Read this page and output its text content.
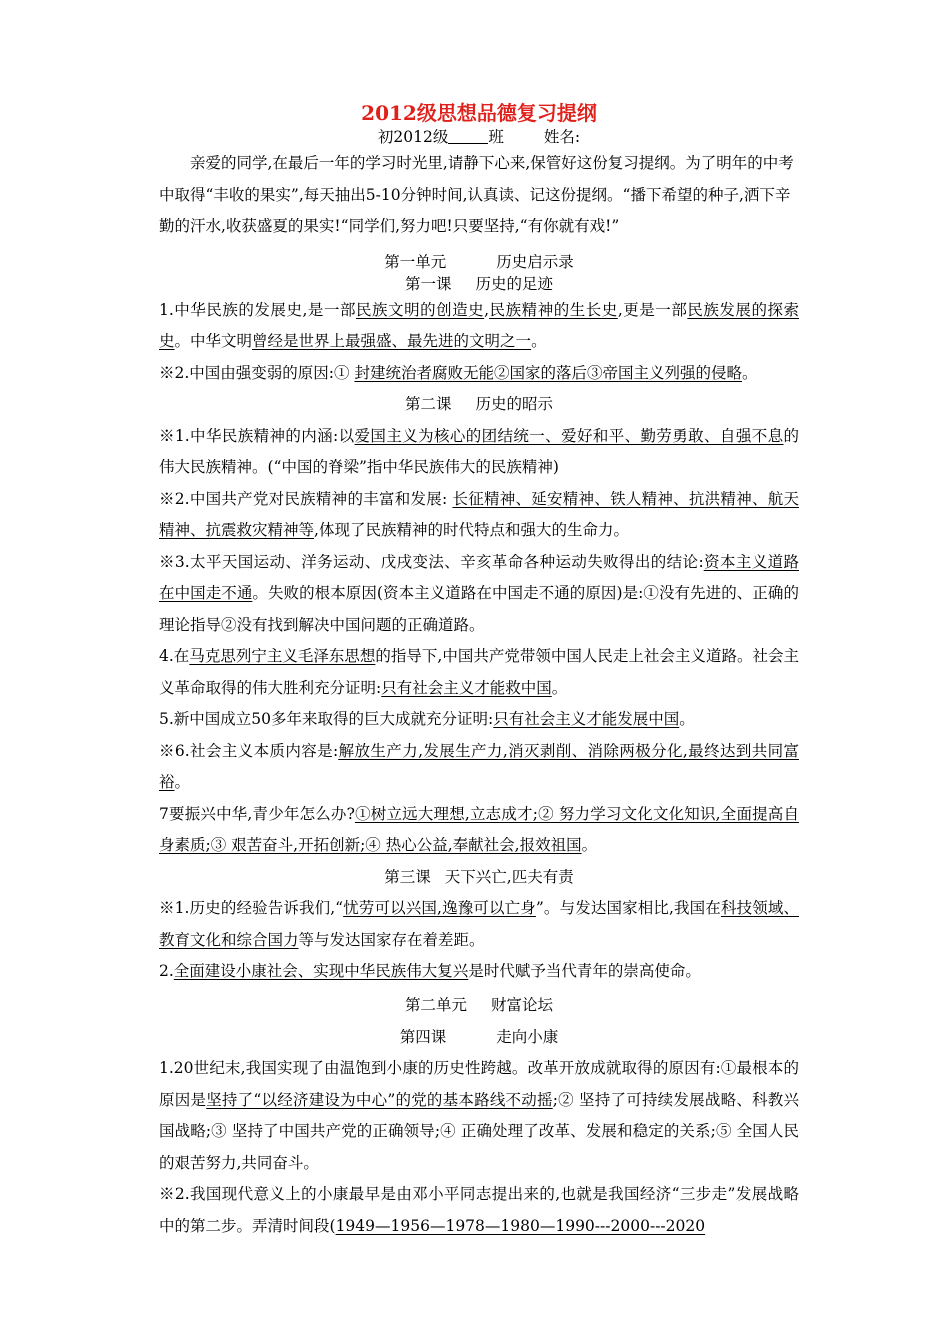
2012级思想品德复习提纲
初2012级	班	姓名:

亲爱的同学,在最后一年的学习时光里,请静下心来,保管好这份复习提纲。为了明年的中考中取得“丰收的果实”,每天抽出5-10分钟时间,认真读、记这份提纲。“播下希望的种子,洒下辛勤的汗水,收获盛夏的果实!“同学们,努力吧!只要坚持,“有你就有戏!”

第一单元	历史启示录

第一课 历史的足迹

1.中华民族的发展史,是一部民族文明的创造史,民族精神的生长史,更是一部民族发展的探索史。中华文明曾经是世界上最强盛、最先进的文明之一。

※2.中国由强变弱的原因:① 封建统治者腐败无能②国家的落后③帝国主义列强的侵略。

第二课 历史的昭示

※1.中华民族精神的内涵:以爱国主义为核心的团结统一、爱好和平、勤劳勇敢、自强不息的伟大民族精神。(“中国的脊梁”指中华民族伟大的民族精神)

※2.中国共产党对民族精神的丰富和发展: 长征精神、延安精神、铁人精神、抗洪精神、航天精神、抗震救灾精神等,体现了民族精神的时代特点和强大的生命力。

※3.太平天国运动、洋务运动、戊戌变法、辛亥革命各种运动失败得出的结论:资本主义道路在中国走不通。失败的根本原因(资本主义道路在中国走不通的原因)是:①没有先进的、正确的理论指导②没有找到解决中国问题的正确道路。

4.在马克思列宁主义毛泽东思想的指导下,中国共产党带领中国人民走上社会主义道路。社会主义革命取得的伟大胜利充分证明:只有社会主义才能救中国。

5.新中国成立50多年来取得的巨大成就充分证明:只有社会主义才能发展中国。

※6.社会主义本质内容是:解放生产力,发展生产力,消灭剥削、消除两极分化,最终达到共同富裕。

7要振兴中华,青少年怎么办?①树立远大理想,立志成才;② 努力学习文化文化知识,全面提高自身素质;③ 艰苦奋斗,开拓创新;④ 热心公益,奉献社会,报效祖国。

第三课 天下兴亡,匹夫有责

※1.历史的经验告诉我们,“忧劳可以兴国,逸豫可以亡身”。与发达国家相比,我国在科技领域、教育文化和综合国力等与发达国家存在着差距。

2.全面建设小康社会、实现中华民族伟大复兴是时代赋予当代青年的崇高使命。

第二单元 财富论坛

第四课	走向小康

1.20世纪末,我国实现了由温饱到小康的历史性跨越。改革开放成就取得的原因有:①最根本的原因是坚持了“以经济建设为中心”的党的基本路线不动摇;② 坚持了可持续发展战略、科教兴国战略;③ 坚持了中国共产党的正确领导;④ 正确处理了改革、发展和稳定的关系;⑤ 全国人民的艰苦努力,共同奋斗。

※2.我国现代意义上的小康最早是由邓小平同志提出来的,也就是我国经济“三步走”发展战略中的第二步。弄清时间段(1949—1956—1978—1980—1990---2000---2020
